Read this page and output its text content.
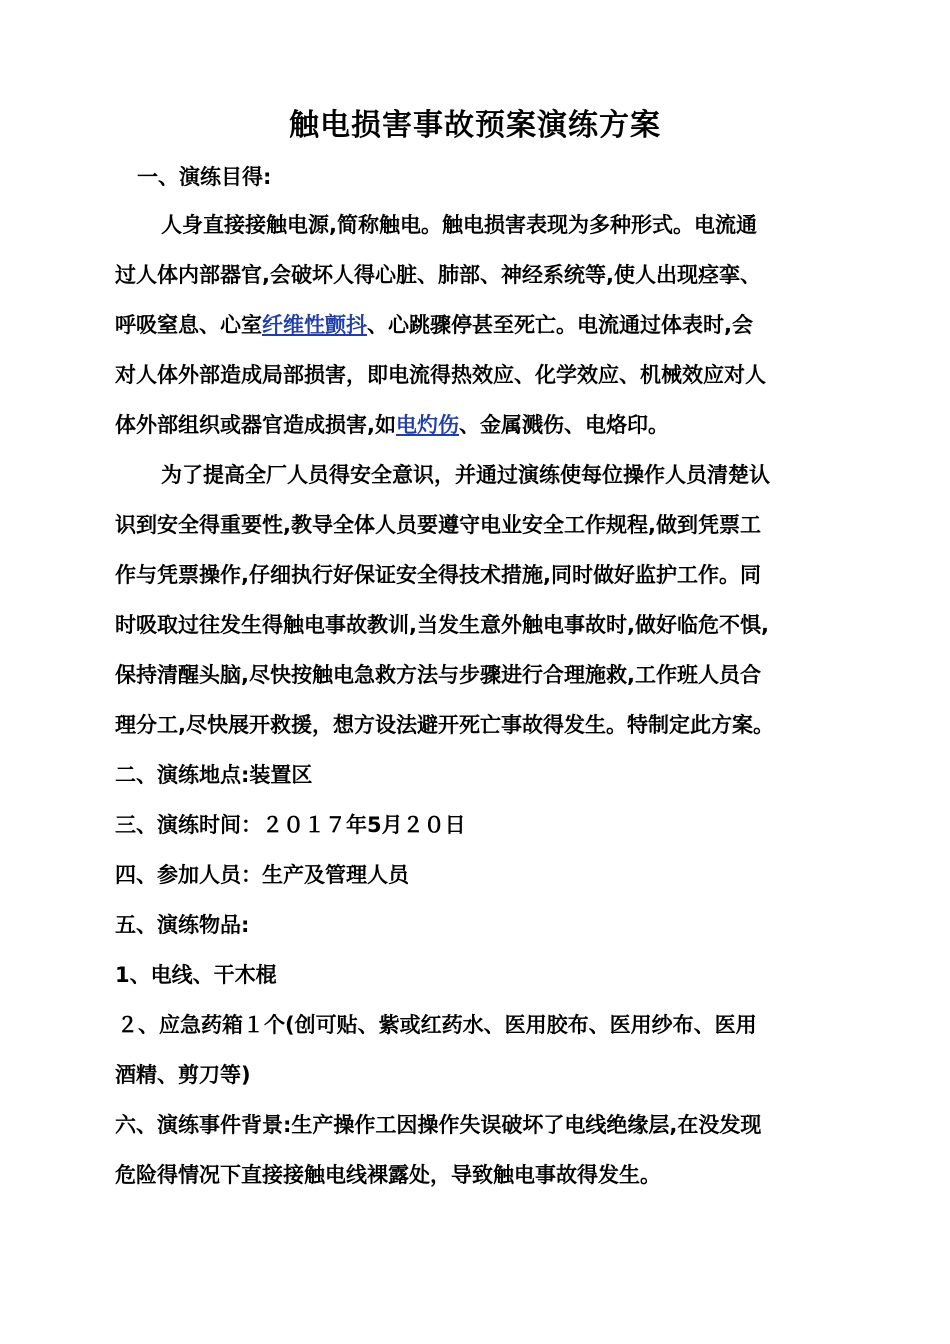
触电损害事故预案演练方案
一、演练目得:
人身直接接触电源,简称触电。触电损害表现为多种形式。电流通
过人体内部器官,会破坏人得心脏、肺部、神经系统等,使人出现痉挛、
呼吸窒息、心室 纤维性颤抖 、心跳骤停甚至死亡。电流通过体表时,会
对人体外部造成局部损害，即电流得热效应、化学效应、机械效应对人
体外部组织或器官造成损害,如 电灼伤 、金属溅伤、电烙印。
为了提高全厂人员得安全意识，并通过演练使每位操作人员清楚认
识到安全得重要性,教导全体人员要遵守电业安全工作规程,做到凭票工
作与凭票操作,仔细执行好保证安全得技术措施,同时做好监护工作。同
时吸取过往发生得触电事故教训,当发生意外触电事故时,做好临危不惧,
保持清醒头脑,尽快按触电急救方法与步骤进行合理施救,工作班人员合
理分工,尽快展开救援，想方设法避开死亡事故得发生。特制定此方案。
二、演练地点:装置区
三、演练时间：２０１７年5月２０日
四、参加人员：生产及管理人员
五、演练物品:
1、电线、干木棍
２、应急药箱１个(创可贴、紫或红药水、医用胶布、医用纱布、医用
酒精、剪刀等)
六、演练事件背景:生产操作工因操作失误破坏了电线绝缘层,在没发现
危险得情况下直接接触电线裸露处，导致触电事故得发生。
